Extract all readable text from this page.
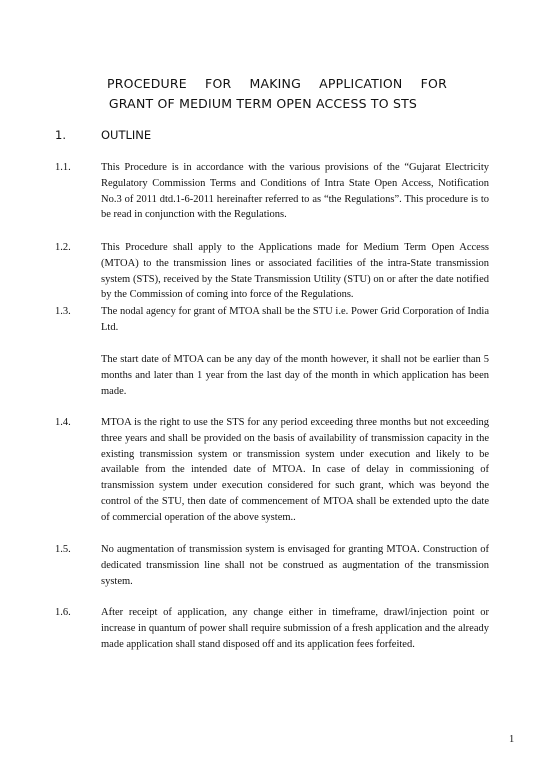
PROCEDURE FOR MAKING APPLICATION FOR
GRANT OF MEDIUM TERM OPEN ACCESS TO STS
1.	OUTLINE
1.1.	This Procedure is in accordance with the various provisions of the “Gujarat Electricity Regulatory Commission Terms and Conditions of Intra State Open Access, Notification No.3 of 2011 dtd.1-6-2011 hereinafter referred to as “the Regulations”. This procedure is to be read in conjunction with the Regulations.
1.2.	This Procedure shall apply to the Applications made for Medium Term Open Access (MTOA) to the transmission lines or associated facilities of the intra-State transmission system (STS), received by the State Transmission Utility (STU) on or after the date notified by the Commission of coming into force of the Regulations.
1.3.	The nodal agency for grant of MTOA shall be the STU i.e. Power Grid Corporation of India Ltd.
The start date of MTOA can be any day of the month however, it shall not be earlier than 5 months and later than 1 year from the last day of the month in which application has been made.
1.4.	MTOA is the right to use the STS for any period exceeding three months but not exceeding three years and shall be provided on the basis of availability of transmission capacity in the existing transmission system or transmission system under execution and likely to be available from the intended date of MTOA. In case of delay in commissioning of transmission system under execution considered for such grant, which was beyond the control of the STU, then date of commencement of MTOA shall be extended upto the date of commercial operation of the above system..
1.5.	No augmentation of transmission system is envisaged for granting MTOA. Construction of dedicated transmission line shall not be construed as augmentation of the transmission system.
1.6.	After receipt of application, any change either in timeframe, drawl/injection point or increase in quantum of power shall require submission of a fresh application and the already made application shall stand disposed off and its application fees forfeited.
1
